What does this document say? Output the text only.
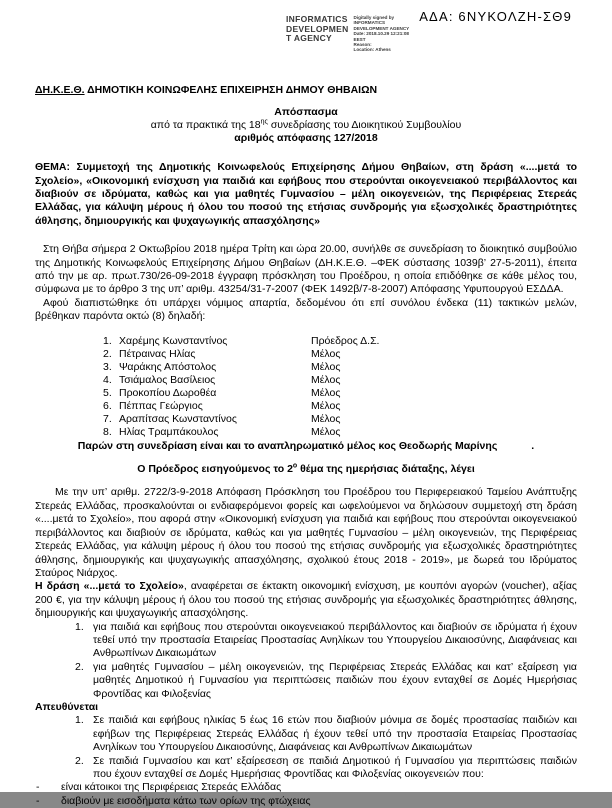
ΑΔΑ: 6ΝΥΚΟΛΖΗ-ΣΘ9
INFORMATICS
DEVELOPMEN
T AGENCY
Digitally signed by
INFORMATICS
DEVELOPMENT AGENCY
Date: 2018.10.29 12:21:08
EEST
Reason:
Location: Athens
ΔΗ.Κ.Ε.Θ. ΔΗΜΟΤΙΚΗ ΚΟΙΝΩΦΕΛΗΣ ΕΠΙΧΕΙΡΗΣΗ ΔΗΜΟΥ ΘΗΒΑΙΩΝ
Απόσπασμα
από τα πρακτικά της $18^{\eta\varsigma}$ συνεδρίασης του Διοικητικού Συμβουλίου
αριθμός απόφασης 127/2018

ΘΕΜΑ: Συμμετοχή της Δημοτικής Κοινωφελούς Επιχείρησης Δήμου Θηβαίων, στη δράση «....μετά το Σχολείο», «Οικονομική ενίσχυση για παιδιά και εφήβους που στερούνται οικογενειακού περιβάλλοντος και διαβιούν σε ιδρύματα, καθώς και για μαθητές Γυμνασίου – μέλη οικογενειών, της Περιφέρειας Στερεάς Ελλάδας, για κάλυψη μέρους ή όλου του ποσού της ετήσιας συνδρομής για εξωσχολικές δραστηριότητες άθλησης, δημιουργικής και ψυχαγωγικής απασχόλησης»

Στη Θήβα σήμερα 2 Οκτωβρίου 2018 ημέρα Τρίτη και ώρα 20.00, συνήλθε σε συνεδρίαση το διοικητικό συμβούλιο της Δημοτικής Κοινωφελούς Επιχείρησης Δήμου Θηβαίων (ΔΗ.Κ.Ε.Θ. –ΦΕΚ σύστασης 1039β’ 27-5-2011), έπειτα από την με αρ. πρωτ.730/26-09-2018 έγγραφη πρόσκληση του Προέδρου, η οποία επιδόθηκε σε κάθε μέλος του, σύμφωνα με το άρθρο 3 της υπ’ αριθμ. 43254/31-7-2007 (ΦΕΚ 1492β/7-8-2007) Απόφασης Υφυπουργού ΕΣΔΔΑ.

Αφού διαπιστώθηκε ότι υπάρχει νόμιμος απαρτία, δεδομένου ότι επί συνόλου ένδεκα (11) τακτικών μελών, βρέθηκαν παρόντα οκτώ (8) δηλαδή:

1. Χαρέμης Κωνσταντίνος	Πρόεδρος Δ.Σ.
2. Πέτραινας Ηλίας	Μέλος
3. Ψαράκης Απόστολος	Μέλος
4. Τσιάμαλος Βασίλειος	Μέλος
5. Προκοπίου Δωροθέα	Μέλος
6. Πέππας Γεώργιος	Μέλος
7. Αραπίτσας Κωνσταντίνος	Μέλος
8. Ηλίας Τραμπάκουλος	Μέλος
Παρών στη συνεδρίαση είναι και το αναπληρωματικό μέλος κος Θεοδωρής Μαρίνης	.
Ο Πρόεδρος εισηγούμενος το $2^o$ θέμα της ημερήσιας διάταξης, λέγει

Με την υπ’ αριθμ. 2722/3-9-2018 Απόφαση Πρόσκληση του Προέδρου του Περιφερειακού Ταμείου Ανάπτυξης Στερεάς Ελλάδας, προσκαλούνται οι ενδιαφερόμενοι φορείς και ωφελούμενοι να δηλώσουν συμμετοχή στη δράση «....μετά το Σχολείο», που αφορά στην «Οικονομική ενίσχυση για παιδιά και εφήβους που στερούνται οικογενειακού περιβάλλοντος και διαβιούν σε ιδρύματα, καθώς και για μαθητές Γυμνασίου – μέλη οικογενειών, της Περιφέρειας Στερεάς Ελλάδας, για κάλυψη μέρους ή όλου του ποσού της ετήσιας συνδρομής για εξωσχολικές δραστηριότητες άθλησης, δημιουργικής και ψυχαγωγικής απασχόλησης, σχολικού έτους 2018 - 2019», με δωρεά του Ιδρύματος Σταύρος Νιάρχος.

Η δράση «...μετά το Σχολείο», αναφέρεται σε έκτακτη οικονομική ενίσχυση, με κουπόνι αγορών (voucher), αξίας 200 €, για την κάλυψη μέρους ή όλου του ποσού της ετήσιας συνδρομής για εξωσχολικές δραστηριότητες άθλησης, δημιουργικής και ψυχαγωγικής απασχόλησης.

1. για παιδιά και εφήβους που στερούνται οικογενειακού περιβάλλοντος και διαβιούν σε ιδρύματα ή έχουν τεθεί υπό την προστασία Εταιρείας Προστασίας Ανηλίκων του Υπουργείου Δικαιοσύνης, Διαφάνειας και Ανθρωπίνων Δικαιωμάτων
2. για μαθητές Γυμνασίου – μέλη οικογενειών, της Περιφέρειας Στερεάς Ελλάδας και κατ’ εξαίρεση για μαθητές Δημοτικού ή Γυμνασίου για περιπτώσεις παιδιών που έχουν ενταχθεί σε Δομές Ημερήσιας Φροντίδας και Φιλοξενίας
Απευθύνεται
1. Σε παιδιά και εφήβους ηλικίας 5 έως 16 ετών που διαβιούν μόνιμα σε δομές προστασίας παιδιών και εφήβων της Περιφέρειας Στερεάς Ελλάδας ή έχουν τεθεί υπό την προστασία Εταιρείας Προστασίας Ανηλίκων του Υπουργείου Δικαιοσύνης, Διαφάνειας και Ανθρωπίνων Δικαιωμάτων
2. Σε παιδιά Γυμνασίου και κατ’ εξαίρεσεση σε παιδιά Δημοτικού ή Γυμνασίου για περιπτώσεις παιδιών που έχουν ενταχθεί σε Δομές Ημερήσιας Φροντίδας και Φιλοξενίας οικογενειών που:
-	είναι κάτοικοι της Περιφέρειας Στερεάς Ελλάδας
-	διαβιούν με εισοδήματα κάτω των ορίων της φτώχειας
